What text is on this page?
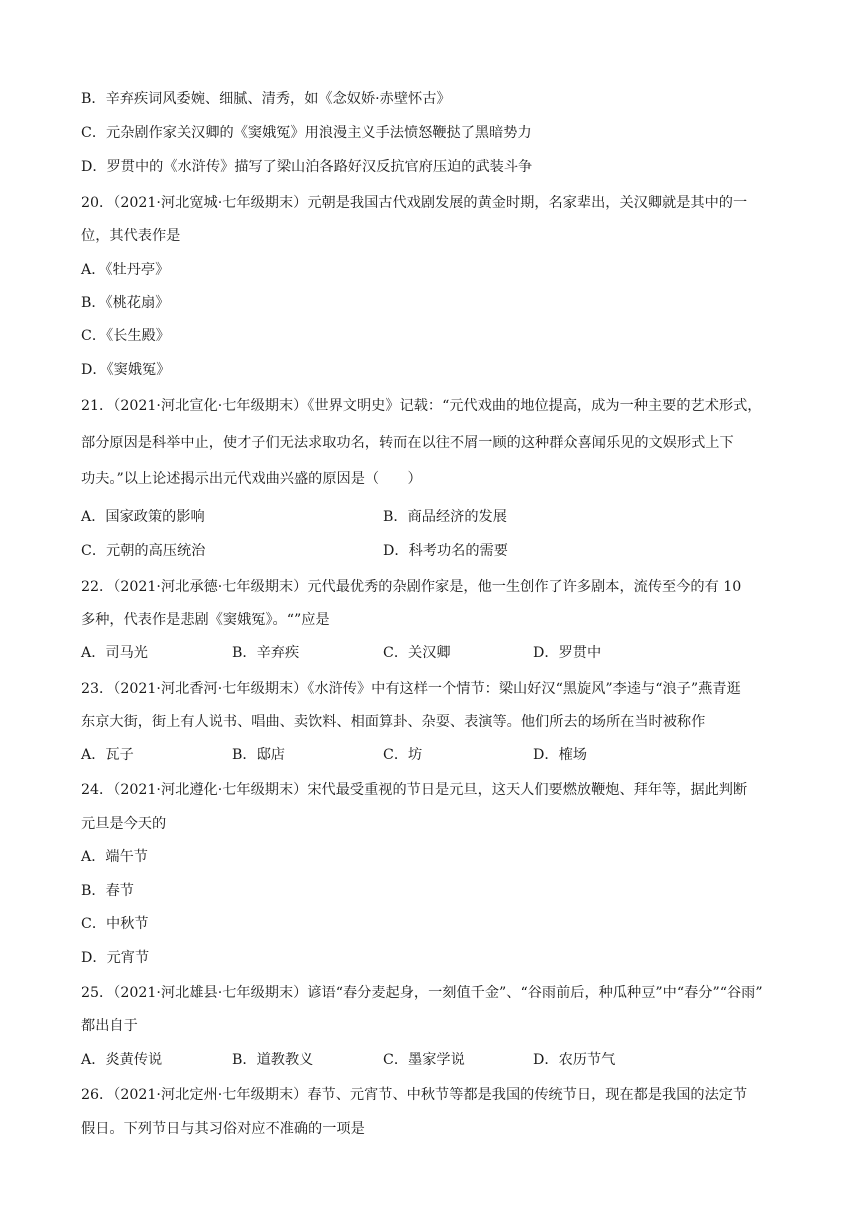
B．辛弃疾词风委婉、细腻、清秀，如《念奴娇·赤壁怀古》
C．元杂剧作家关汉卿的《窦娥冤》用浪漫主义手法愤怒鞭挞了黑暗势力
D．罗贯中的《水浒传》描写了梁山泊各路好汉反抗官府压迫的武装斗争
20．（2021·河北宽城·七年级期末）元朝是我国古代戏剧发展的黄金时期，名家辈出，关汉卿就是其中的一
位，其代表作是
A．《牡丹亭》
B．《桃花扇》
C．《长生殿》
D．《窦娥冤》
21．（2021·河北宣化·七年级期末）《世界文明史》记载：“元代戏曲的地位提高，成为一种主要的艺术形式，
部分原因是科举中止，使才子们无法求取功名，转而在以往不屑一顾的这种群众喜闻乐见的文娱形式上下
功夫。”以上论述揭示出元代戏曲兴盛的原因是（　　）
A．国家政策的影响	B．商品经济的发展
C．元朝的高压统治	D．科考功名的需要
22．（2021·河北承德·七年级期末）元代最优秀的杂剧作家是，他一生创作了许多剧本，流传至今的有 10
多种，代表作是悲剧《窦娥冤》。“”应是
A．司马光	B．辛弃疾	C．关汉卿	D．罗贯中
23．（2021·河北香河·七年级期末）《水浒传》中有这样一个情节：梁山好汉“黑旋风”李逵与“浪子”燕青逛
东京大街，街上有人说书、唱曲、卖饮料、相面算卦、杂耍、表演等。他们所去的场所在当时被称作
A．瓦子	B．邸店	C．坊	D．榷场
24．（2021·河北遵化·七年级期末）宋代最受重视的节日是元旦，这天人们要燃放鞭炮、拜年等，据此判断
元旦是今天的
A．端午节
B．春节
C．中秋节
D．元宵节
25．（2021·河北雄县·七年级期末）谚语“春分麦起身，一刻值千金”、“谷雨前后，种瓜种豆”中“春分”“谷雨”
都出自于
A．炎黄传说	B．道教教义	C．墨家学说	D．农历节气
26．（2021·河北定州·七年级期末）春节、元宵节、中秋节等都是我国的传统节日，现在都是我国的法定节
假日。下列节日与其习俗对应不准确的一项是
